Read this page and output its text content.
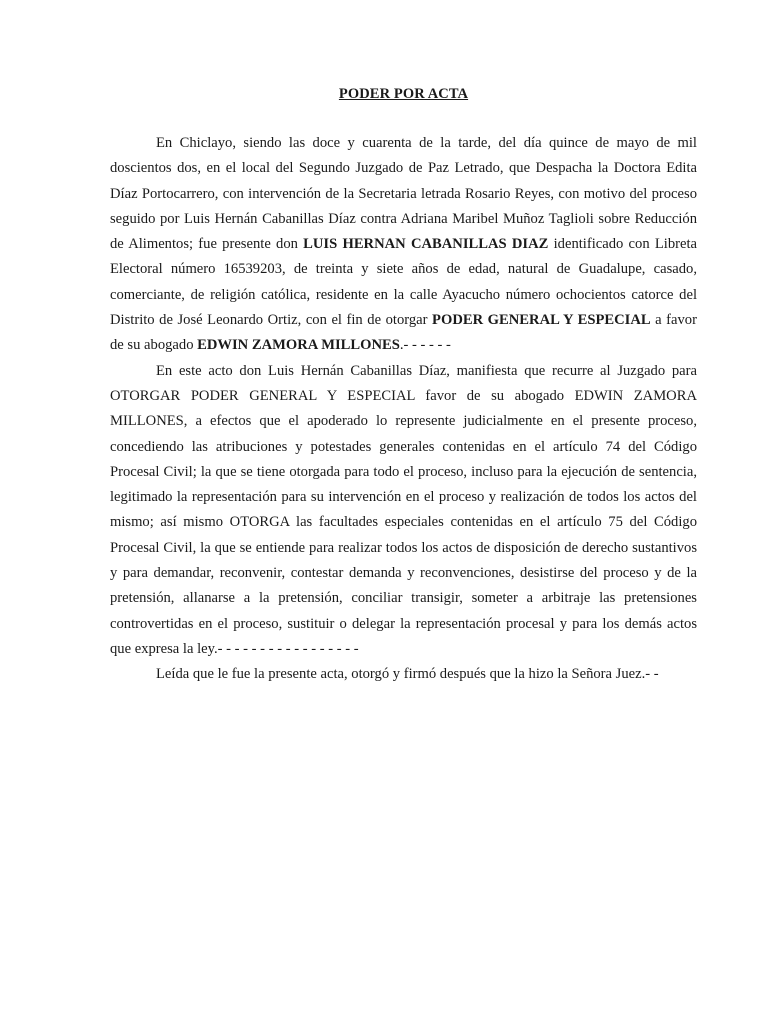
PODER POR ACTA

En Chiclayo, siendo las doce y cuarenta de la tarde, del día quince de mayo de mil doscientos dos, en el local del Segundo Juzgado de Paz Letrado, que Despacha la Doctora Edita Díaz Portocarrero, con intervención de la Secretaria letrada Rosario Reyes, con motivo del proceso seguido por Luis Hernán Cabanillas Díaz contra Adriana Maribel Muñoz Taglioli sobre Reducción de Alimentos; fue presente don LUIS HERNAN CABANILLAS DIAZ identificado con Libreta Electoral número 16539203, de treinta y siete años de edad, natural de Guadalupe, casado, comerciante, de religión católica, residente en la calle Ayacucho número ochocientos catorce del Distrito de José Leonardo Ortiz, con el fin de otorgar PODER GENERAL Y ESPECIAL a favor de su abogado EDWIN ZAMORA MILLONES.- - - - - -

En este acto don Luis Hernán Cabanillas Díaz, manifiesta que recurre al Juzgado para OTORGAR PODER GENERAL Y ESPECIAL favor de su abogado EDWIN ZAMORA MILLONES, a efectos que el apoderado lo represente judicialmente en el presente proceso, concediendo las atribuciones y potestades generales contenidas en el artículo 74 del Código Procesal Civil; la que se tiene otorgada para todo el proceso, incluso para la ejecución de sentencia, legitimado la representación para su intervención en el proceso y realización de todos los actos del mismo; así mismo OTORGA las facultades especiales contenidas en el artículo 75 del Código Procesal Civil, la que se entiende para realizar todos los actos de disposición de derecho sustantivos y para demandar, reconvenir, contestar demanda y reconvenciones, desistirse del proceso y de la pretensión, allanarse a la pretensión, conciliar transigir, someter a arbitraje las pretensiones controvertidas en el proceso, sustituir o delegar la representación procesal y para los demás actos que expresa la ley.- - - - - - - - - - - - - - - - -

Leída que le fue la presente acta, otorgó y firmó después que la hizo la Señora Juez.- -
